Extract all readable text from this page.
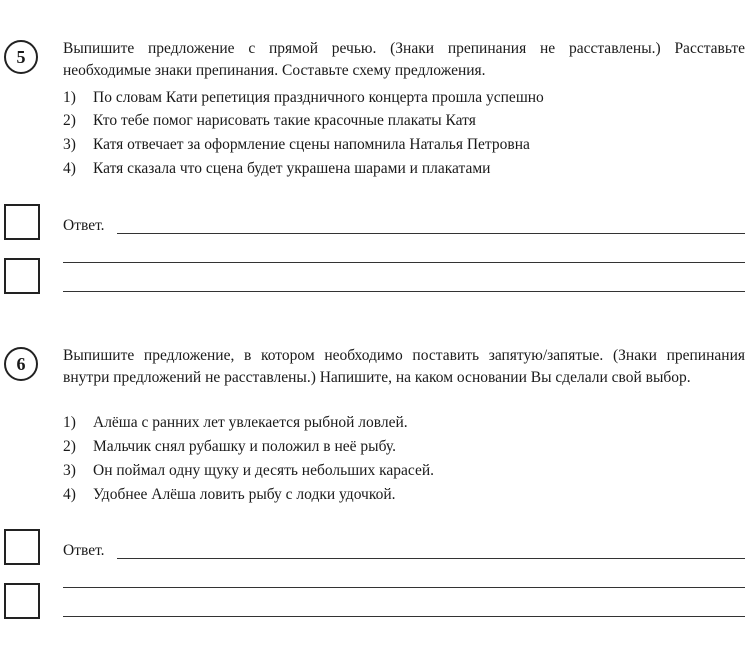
5 Выпишите предложение с прямой речью. (Знаки препинания не расставлены.) Расставьте необходимые знаки препинания. Составьте схему предложения.
1) По словам Кати репетиция праздничного концерта прошла успешно
2) Кто тебе помог нарисовать такие красочные плакаты Катя
3) Катя отвечает за оформление сцены напомнила Наталья Петровна
4) Катя сказала что сцена будет украшена шарами и плакатами
Ответ.
6 Выпишите предложение, в котором необходимо поставить запятую/запятые. (Знаки препинания внутри предложений не расставлены.) Напишите, на каком основании Вы сделали свой выбор.
1) Алёша с ранних лет увлекается рыбной ловлей.
2) Мальчик снял рубашку и положил в неё рыбу.
3) Он поймал одну щуку и десять небольших карасей.
4) Удобнее Алёша ловить рыбу с лодки удочкой.
Ответ.
